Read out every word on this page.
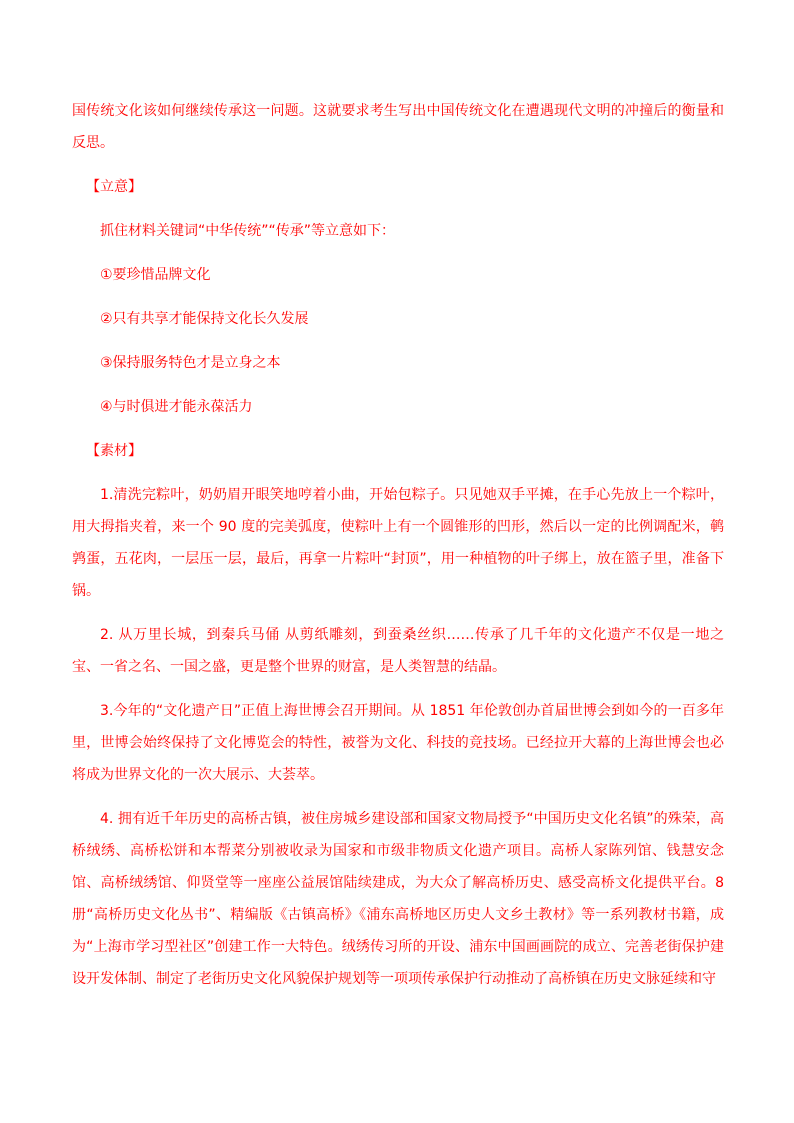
国传统文化该如何继续传承这一问题。这就要求考生写出中国传统文化在遭遇现代文明的冲撞后的衡量和反思。

【立意】

抓住材料关键词“中华传统”“传承”等立意如下：

①要珍惜品牌文化

②只有共享才能保持文化长久发展

③保持服务特色才是立身之本

④与时俱进才能永葆活力

【素材】

1.清洗完粽叶，奶奶眉开眼笑地哼着小曲，开始包粽子。只见她双手平摊，在手心先放上一个粽叶，用大拇指夹着，来一个 90 度的完美弧度，使粽叶上有一个圆锥形的凹形，然后以一定的比例调配米，鹌鹑蛋，五花肉，一层压一层，最后，再拿一片粽叶“封顶”，用一种植物的叶子绑上，放在篮子里，准备下锅。

2. 从万里长城，到秦兵马俑 从剪纸雕刻，到蚕桑丝织……传承了几千年的文化遗产不仅是一地之宝、一省之名、一国之盛，更是整个世界的财富，是人类智慧的结晶。

3.今年的“文化遗产日”正值上海世博会召开期间。从 1851 年伦敦创办首届世博会到如今的一百多年里，世博会始终保持了文化博览会的特性，被誉为文化、科技的竞技场。已经拉开大幕的上海世博会也必将成为世界文化的一次大展示、大荟萃。

4. 拥有近千年历史的高桥古镇，被住房城乡建设部和国家文物局授予“中国历史文化名镇”的殊荣，高桥绒绣、高桥松饼和本帮菜分别被收录为国家和市级非物质文化遗产项目。高桥人家陈列馆、钱慧安念馆、高桥绒绣馆、仰贤堂等一座座公益展馆陆续建成，为大众了解高桥历史、感受高桥文化提供平台。8 册“高桥历史文化丛书”、精编版《古镇高桥》《浦东高桥地区历史人文乡土教材》等一系列教材书籍，成为“上海市学习型社区”创建工作一大特色。绒绣传习所的开设、浦东中国画画院的成立、完善老街保护建设开发体制、制定了老街历史文化风貌保护规划等一项项传承保护行动推动了高桥镇在历史文脉延续和守
